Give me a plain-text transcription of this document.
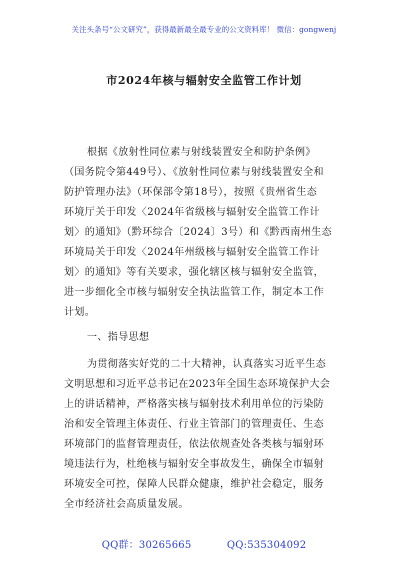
关注头条号“公文研究”，获得最新最全最专业的公文资料库！ 微信：gongwenj
市2024年核与辐射安全监管工作计划
根据《放射性同位素与射线装置安全和防护条例》
（国务院令第449号）、《放射性同位素与射线装置安全和
防护管理办法》（环保部令第18号），按照《贵州省生态
环境厅关于印发〈2024年省级核与辐射安全监管工作计
划〉的通知》（黔环综合〔2024〕3号）和《黔西南州生态
环境局关于印发〈2024年州级核与辐射安全监管工作计
划〉的通知》等有关要求，强化辖区核与辐射安全监管，
进一步细化全市核与辐射安全执法监管工作，制定本工作
计划。
一、指导思想
为贯彻落实好党的二十大精神，认真落实习近平生态
文明思想和习近平总书记在2023年全国生态环境保护大会
上的讲话精神，严格落实核与辐射技术利用单位的污染防
治和安全管理主体责任、行业主管部门的管理责任、生态
环境部门的监督管理责任，依法依规查处各类核与辐射环
境违法行为，杜绝核与辐射安全事故发生，确保全市辐射
环境安全可控，保障人民群众健康，维护社会稳定，服务
全市经济社会高质量发展。
QQ群：30265665	QQ:535304092
